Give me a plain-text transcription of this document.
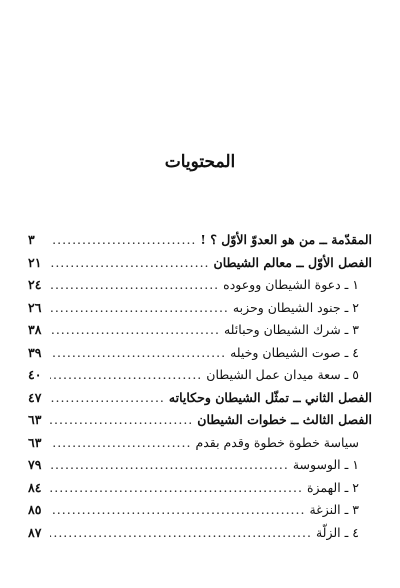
المحتويات
المقدّمة ــ من هو العدوّ الأوّل ؟ !
.....
٣
الفصل الأوّل ــ معالم الشيطان
.....
٢١
١ ـ دعوة الشيطان ووعوده
.....
٢٤
٢ ـ جنود الشيطان وحزبه
.....
٢٦
٣ ـ شرك الشيطان وحبائله
.....
٣٨
٤ ـ صوت الشيطان وخيله
.....
٣٩
٥ ـ سعة ميدان عمل الشيطان
.....
٤٠
الفصل الثاني ــ تمثّل الشيطان وحكاياته
.....
٤٧
الفصل الثالث ــ خطوات الشيطان
.....
٦٣
سياسة خطوة خطوة وقدم بقدم
.....
٦٣
١ ـ الوسوسة
.....
٧٩
٢ ـ الهمزة
.....
٨٤
٣ ـ النزغة
.....
٨٥
٤ ـ الزلّة
.....
٨٧
